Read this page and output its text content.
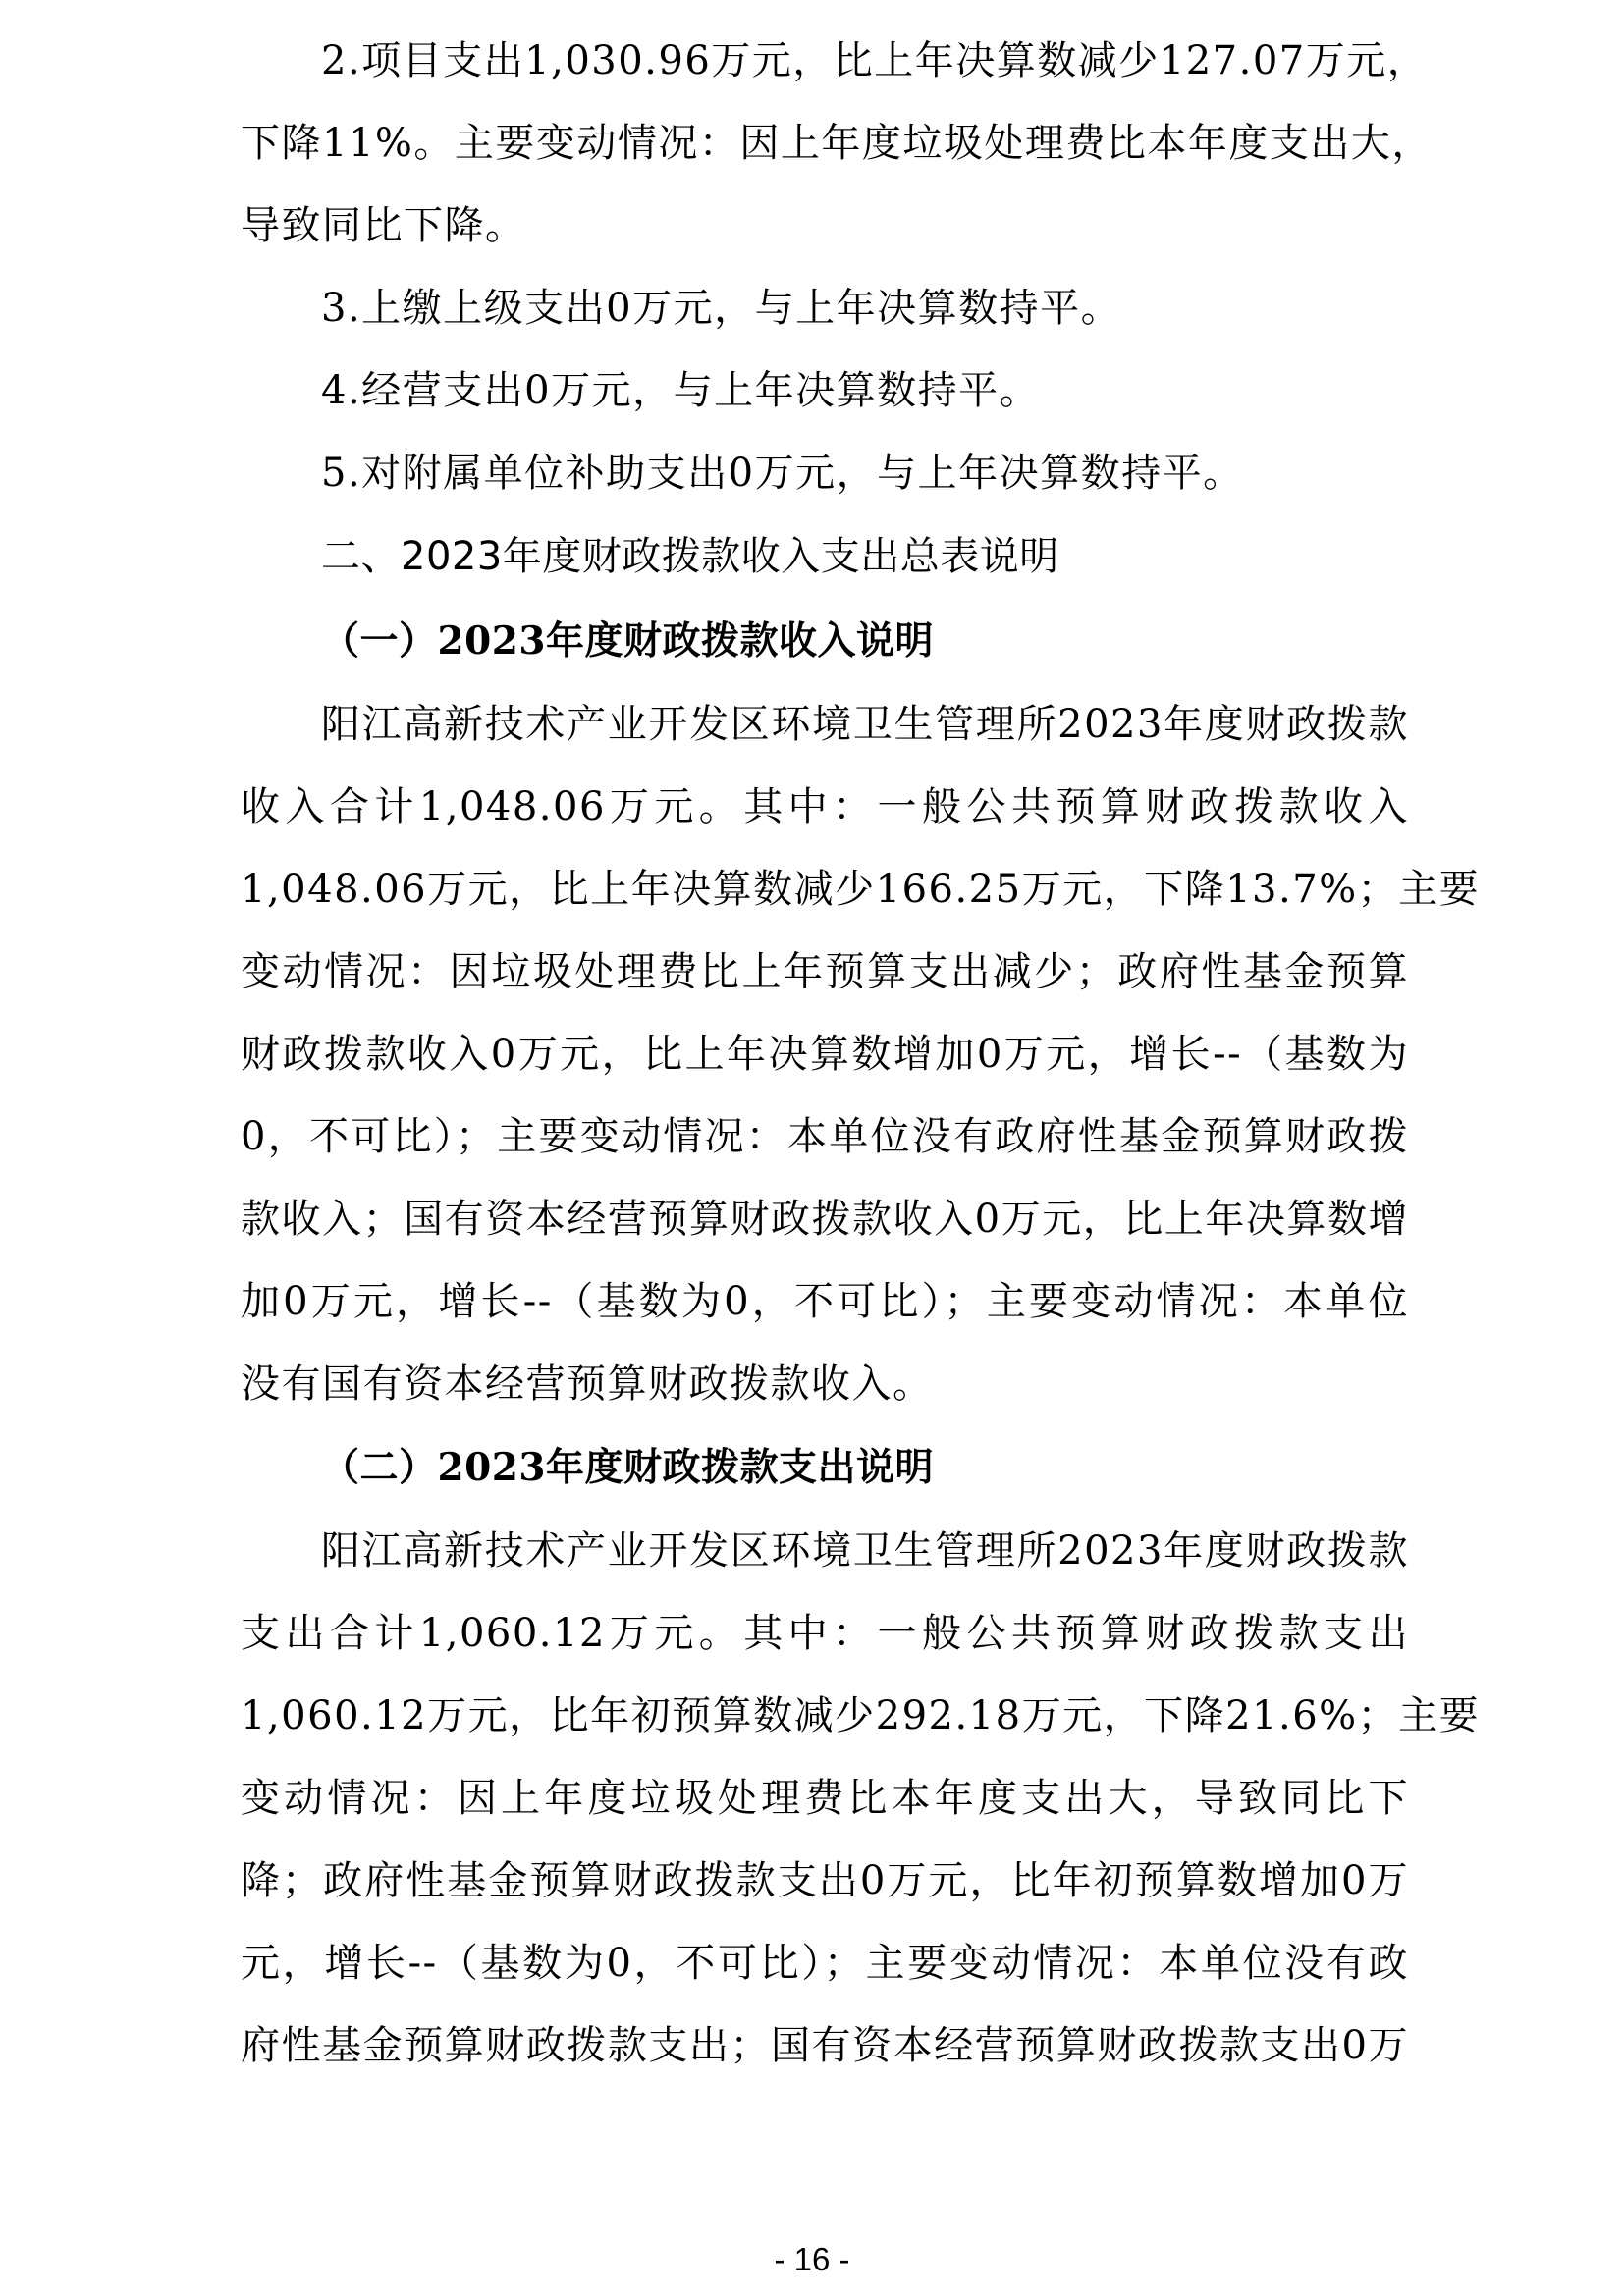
2.项目支出1,030.96万元，比上年决算数减少127.07万元，
下降11%。主要变动情况：因上年度垃圾处理费比本年度支出大，
导致同比下降。
3.上缴上级支出0万元，与上年决算数持平。
4.经营支出0万元，与上年决算数持平。
5.对附属单位补助支出0万元，与上年决算数持平。
二、2023年度财政拨款收入支出总表说明
（一）2023年度财政拨款收入说明
阳江高新技术产业开发区环境卫生管理所2023年度财政拨款
收入合计1,048.06万元。其中：一般公共预算财政拨款收入
1,048.06万元，比上年决算数减少166.25万元，下降13.7%；主要
变动情况：因垃圾处理费比上年预算支出减少；政府性基金预算
财政拨款收入0万元，比上年决算数增加0万元，增长--（基数为
0，不可比）；主要变动情况：本单位没有政府性基金预算财政拨
款收入；国有资本经营预算财政拨款收入0万元，比上年决算数增
加0万元，增长--（基数为0，不可比）；主要变动情况：本单位
没有国有资本经营预算财政拨款收入。
（二）2023年度财政拨款支出说明
阳江高新技术产业开发区环境卫生管理所2023年度财政拨款
支出合计1,060.12万元。其中：一般公共预算财政拨款支出
1,060.12万元，比年初预算数减少292.18万元，下降21.6%；主要
变动情况：因上年度垃圾处理费比本年度支出大，导致同比下
降；政府性基金预算财政拨款支出0万元，比年初预算数增加0万
元，增长--（基数为0，不可比）；主要变动情况：本单位没有政
府性基金预算财政拨款支出；国有资本经营预算财政拨款支出0万
- 16 -
